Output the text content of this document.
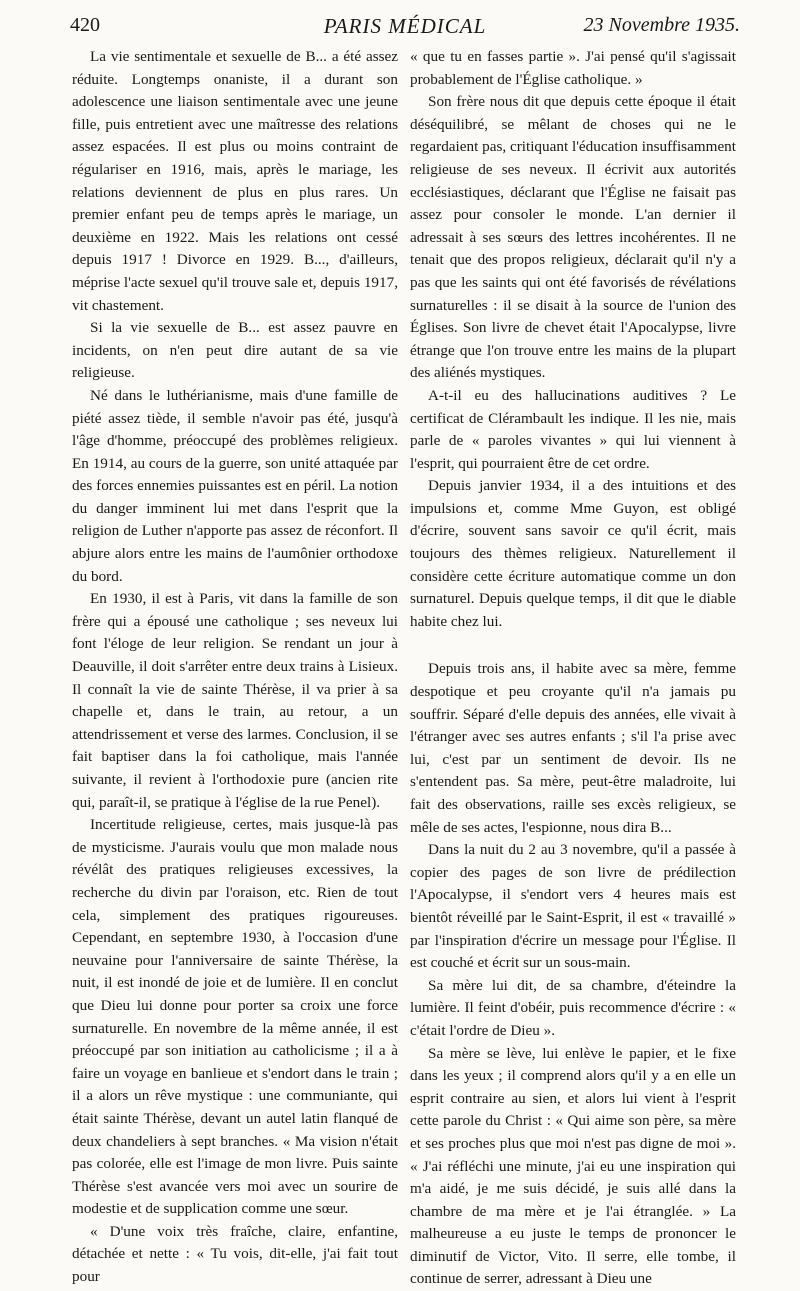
420	PARIS MÉDICAL	23 Novembre 1935.

La vie sentimentale et sexuelle de B... a été assez réduite. Longtemps onaniste, il a durant son adolescence une liaison sentimentale avec une jeune fille, puis entretient avec une maîtresse des relations assez espacées. Il est plus ou moins contraint de régulariser en 1916, mais, après le mariage, les relations deviennent de plus en plus rares. Un premier enfant peu de temps après le mariage, un deuxième en 1922. Mais les relations ont cessé depuis 1917 ! Divorce en 1929. B..., d'ailleurs, méprise l'acte sexuel qu'il trouve sale et, depuis 1917, vit chastement.

Si la vie sexuelle de B... est assez pauvre en incidents, on n'en peut dire autant de sa vie religieuse.

Né dans le luthérianisme, mais d'une famille de piété assez tiède, il semble n'avoir pas été, jusqu'à l'âge d'homme, préoccupé des problèmes religieux. En 1914, au cours de la guerre, son unité attaquée par des forces ennemies puissantes est en péril. La notion du danger imminent lui met dans l'esprit que la religion de Luther n'apporte pas assez de réconfort. Il abjure alors entre les mains de l'aumônier orthodoxe du bord.

En 1930, il est à Paris, vit dans la famille de son frère qui a épousé une catholique ; ses neveux lui font l'éloge de leur religion. Se rendant un jour à Deauville, il doit s'arrêter entre deux trains à Lisieux. Il connaît la vie de sainte Thérèse, il va prier à sa chapelle et, dans le train, au retour, a un attendrissement et verse des larmes. Conclusion, il se fait baptiser dans la foi catholique, mais l'année suivante, il revient à l'orthodoxie pure (ancien rite qui, paraît-il, se pratique à l'église de la rue Penel).

Incertitude religieuse, certes, mais jusque-là pas de mysticisme. J'aurais voulu que mon malade nous révélât des pratiques religieuses excessives, la recherche du divin par l'oraison, etc. Rien de tout cela, simplement des pratiques rigoureuses. Cependant, en septembre 1930, à l'occasion d'une neuvaine pour l'anniversaire de sainte Thérèse, la nuit, il est inondé de joie et de lumière. Il en conclut que Dieu lui donne pour porter sa croix une force surnaturelle. En novembre de la même année, il est préoccupé par son initiation au catholicisme ; il a à faire un voyage en banlieue et s'endort dans le train ; il a alors un rêve mystique : une communiante, qui était sainte Thérèse, devant un autel latin flanqué de deux chandeliers à sept branches. « Ma vision n'était pas colorée, elle est l'image de mon livre. Puis sainte Thérèse s'est avancée vers moi avec un sourire de modestie et de supplication comme une sœur.

« D'une voix très fraîche, claire, enfantine, détachée et nette : « Tu vois, dit-elle, j'ai fait tout pour

« que tu en fasses partie ». J'ai pensé qu'il s'agissait probablement de l'Église catholique. »

Son frère nous dit que depuis cette époque il était déséquilibré, se mêlant de choses qui ne le regardaient pas, critiquant l'éducation insuffisamment religieuse de ses neveux. Il écrivit aux autorités ecclésiastiques, déclarant que l'Église ne faisait pas assez pour consoler le monde. L'an dernier il adressait à ses sœurs des lettres incohérentes. Il ne tenait que des propos religieux, déclarait qu'il n'y a pas que les saints qui ont été favorisés de révélations surnaturelles : il se disait à la source de l'union des Églises. Son livre de chevet était l'Apocalypse, livre étrange que l'on trouve entre les mains de la plupart des aliénés mystiques.

A-t-il eu des hallucinations auditives ? Le certificat de Clérambault les indique. Il les nie, mais parle de « paroles vivantes » qui lui viennent à l'esprit, qui pourraient être de cet ordre.

Depuis janvier 1934, il a des intuitions et des impulsions et, comme Mme Guyon, est obligé d'écrire, souvent sans savoir ce qu'il écrit, mais toujours des thèmes religieux. Naturellement il considère cette écriture automatique comme un don surnaturel. Depuis quelque temps, il dit que le diable habite chez lui.

Depuis trois ans, il habite avec sa mère, femme despotique et peu croyante qu'il n'a jamais pu souffrir. Séparé d'elle depuis des années, elle vivait à l'étranger avec ses autres enfants ; s'il l'a prise avec lui, c'est par un sentiment de devoir. Ils ne s'entendent pas. Sa mère, peut-être maladroite, lui fait des observations, raille ses excès religieux, se mêle de ses actes, l'espionne, nous dira B...

Dans la nuit du 2 au 3 novembre, qu'il a passée à copier des pages de son livre de prédilection l'Apocalypse, il s'endort vers 4 heures mais est bientôt réveillé par le Saint-Esprit, il est « travaillé » par l'inspiration d'écrire un message pour l'Église. Il est couché et écrit sur un sous-main.

Sa mère lui dit, de sa chambre, d'éteindre la lumière. Il feint d'obéir, puis recommence d'écrire : « c'était l'ordre de Dieu ».

Sa mère se lève, lui enlève le papier, et le fixe dans les yeux ; il comprend alors qu'il y a en elle un esprit contraire au sien, et alors lui vient à l'esprit cette parole du Christ : « Qui aime son père, sa mère et ses proches plus que moi n'est pas digne de moi ». « J'ai réfléchi une minute, j'ai eu une inspiration qui m'a aidé, je me suis décidé, je suis allé dans la chambre de ma mère et je l'ai étranglée. » La malheureuse a eu juste le temps de prononcer le diminutif de Victor, Vito. Il serre, elle tombe, il continue de serrer, adressant à Dieu une
